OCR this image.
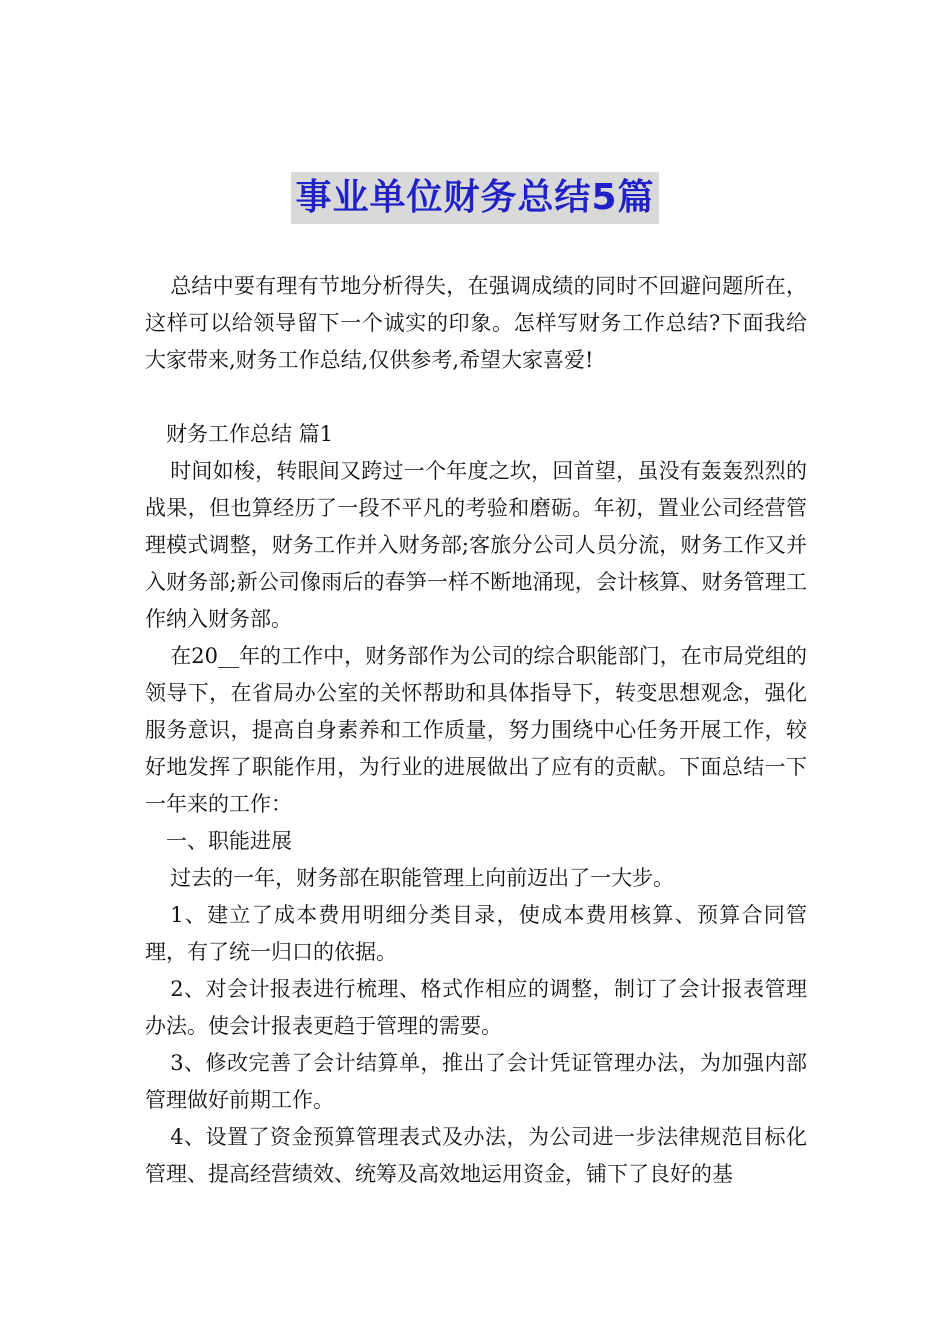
事业单位财务总结5篇

总结中要有理有节地分析得失，在强调成绩的同时不回避问题所在，这样可以给领导留下一个诚实的印象。怎样写财务工作总结?下面我给大家带来,财务工作总结,仅供参考,希望大家喜爱!

财务工作总结 篇1

时间如梭，转眼间又跨过一个年度之坎，回首望，虽没有轰轰烈烈的战果，但也算经历了一段不平凡的考验和磨砺。年初，置业公司经营管理模式调整，财务工作并入财务部;客旅分公司人员分流，财务工作又并入财务部;新公司像雨后的春笋一样不断地涌现，会计核算、财务管理工作纳入财务部。

在20__年的工作中，财务部作为公司的综合职能部门，在市局党组的领导下，在省局办公室的关怀帮助和具体指导下，转变思想观念，强化服务意识，提高自身素养和工作质量，努力围绕中心任务开展工作，较好地发挥了职能作用，为行业的进展做出了应有的贡献。下面总结一下一年来的工作：

一、职能进展

过去的一年，财务部在职能管理上向前迈出了一大步。

1、建立了成本费用明细分类目录，使成本费用核算、预算合同管理，有了统一归口的依据。

2、对会计报表进行梳理、格式作相应的调整，制订了会计报表管理办法。使会计报表更趋于管理的需要。

3、修改完善了会计结算单，推出了会计凭证管理办法，为加强内部管理做好前期工作。

4、设置了资金预算管理表式及办法，为公司进一步法律规范目标化管理、提高经营绩效、统筹及高效地运用资金，铺下了良好的基
